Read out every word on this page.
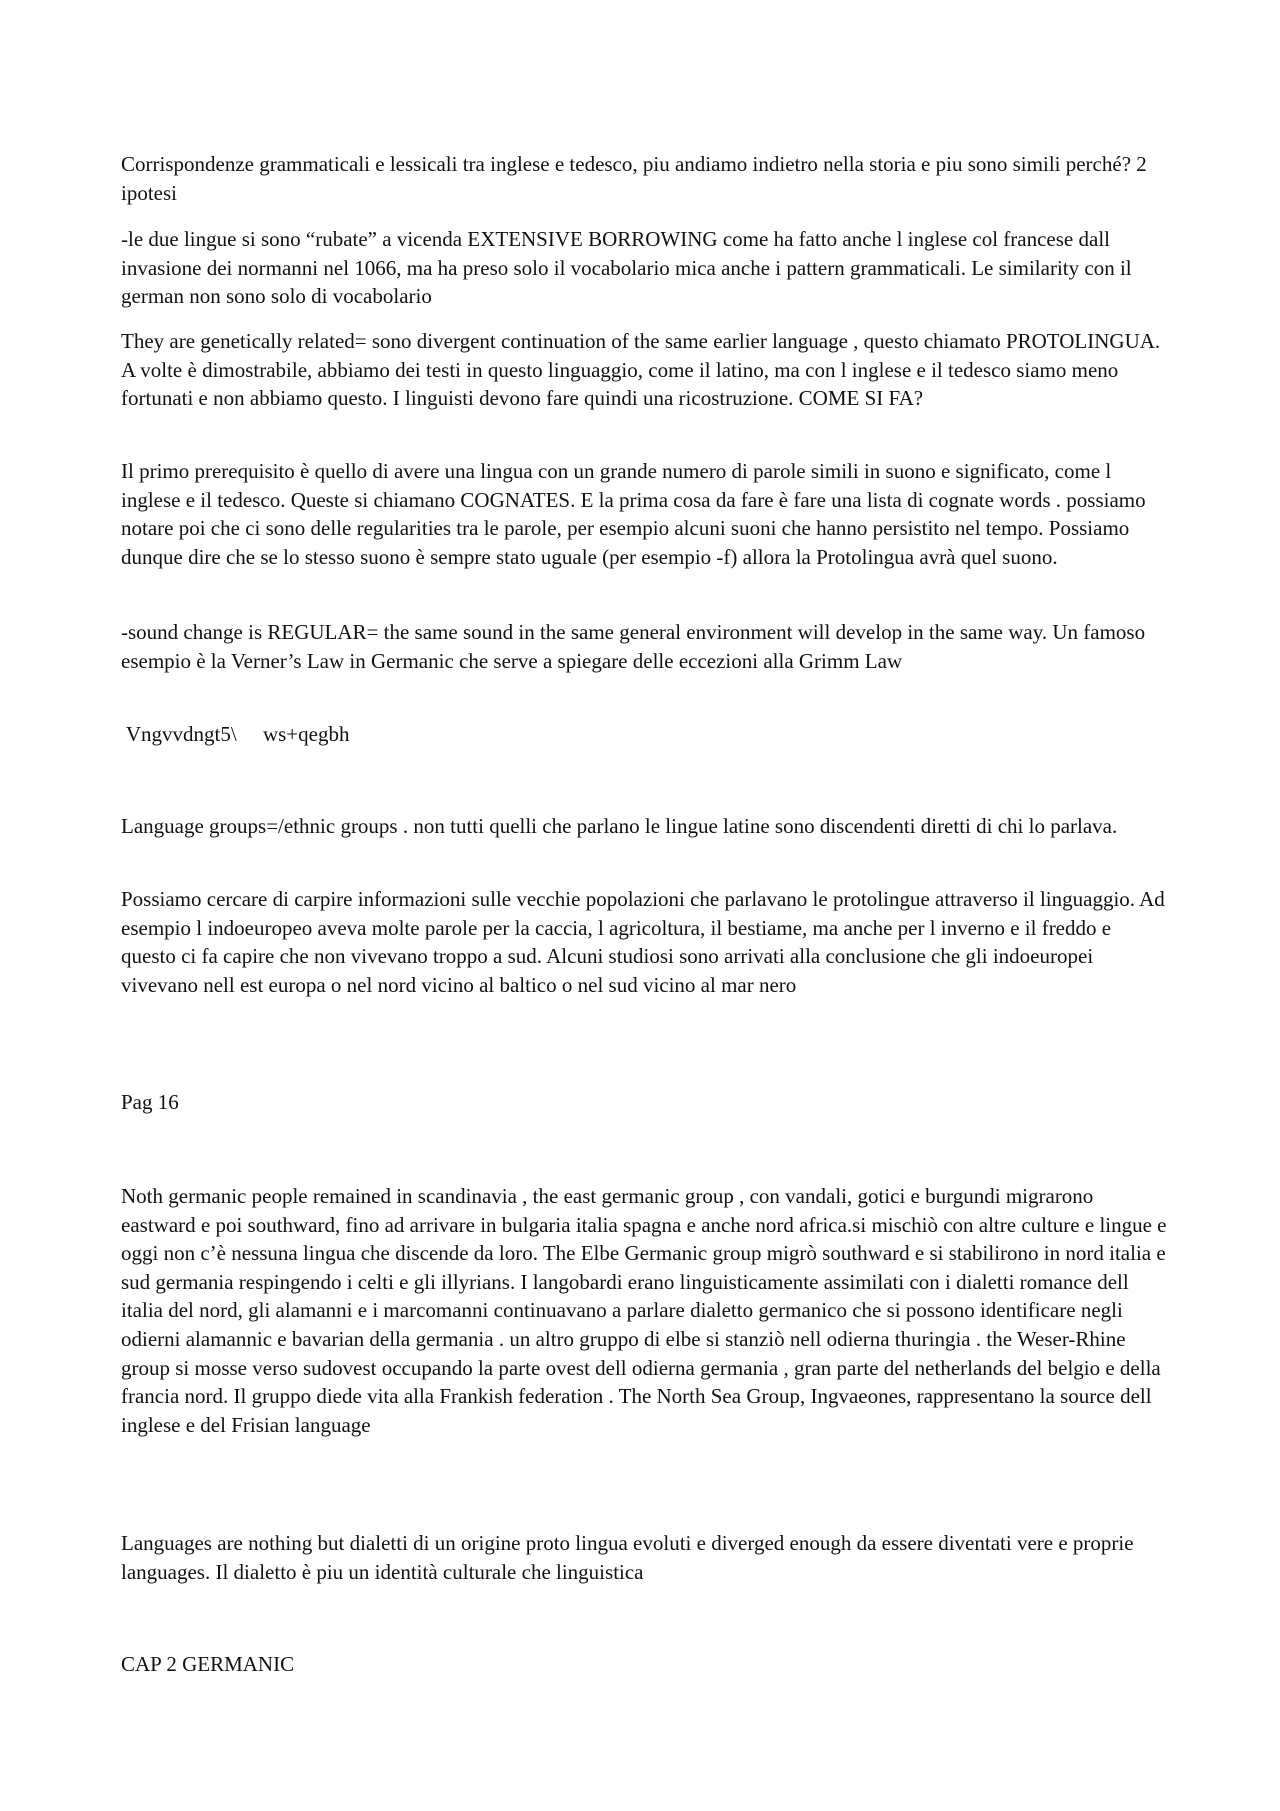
Corrispondenze grammaticali e lessicali tra inglese e tedesco, piu andiamo indietro nella storia e piu sono simili perché? 2 ipotesi

-le due lingue si sono “rubate” a vicenda EXTENSIVE BORROWING come ha fatto anche l inglese col francese dall invasione dei normanni nel 1066, ma ha preso solo il vocabolario mica anche i pattern grammaticali. Le similarity con il german non sono solo di vocabolario

They are genetically related= sono divergent continuation of the same earlier language , questo chiamato PROTOLINGUA. A volte è dimostrabile, abbiamo dei testi in questo linguaggio, come il latino, ma con l inglese e il tedesco siamo meno fortunati e non abbiamo questo. I linguisti devono fare quindi una ricostruzione. COME SI FA?

Il primo prerequisito è quello di avere una lingua con un grande numero di parole simili in suono e significato, come l inglese e il tedesco. Queste si chiamano COGNATES. E la prima cosa da fare è fare una lista di cognate words . possiamo notare poi che ci sono delle regularities tra le parole, per esempio alcuni suoni che hanno persistito nel tempo. Possiamo dunque dire che se lo stesso suono è sempre stato uguale (per esempio -f) allora la Protolingua avrà quel suono.

-sound change is REGULAR= the same sound in the same general environment will develop in the same way. Un famoso esempio è la Verner’s Law in Germanic che serve a spiegare delle eccezioni alla Grimm Law

Vngvvdngt5\     ws+qegbh

Language groups=/ethnic groups . non tutti quelli che parlano le lingue latine sono discendenti diretti di chi lo parlava.

Possiamo cercare di carpire informazioni sulle vecchie popolazioni che parlavano le protolingue attraverso il linguaggio. Ad esempio l indoeuropeo aveva molte parole per la caccia, l agricoltura, il bestiame, ma anche per l inverno e il freddo e questo ci fa capire che non vivevano troppo a sud. Alcuni studiosi sono arrivati alla conclusione che gli indoeuropei vivevano nell est europa o nel nord vicino al baltico o nel sud vicino al mar nero

Pag 16

Noth germanic people remained in scandinavia , the east germanic group , con vandali, gotici e burgundi migrarono eastward e poi southward, fino ad arrivare in bulgaria italia spagna e anche nord africa.si mischiò con altre culture e lingue e oggi non c’è nessuna lingua che discende da loro. The Elbe Germanic group migrò southward e si stabilirono in nord italia e sud germania respingendo i celti e gli illyrians. I langobardi erano linguisticamente assimilati con i dialetti romance dell italia del nord, gli alamanni e i marcomanni continuavano a parlare dialetto germanico che si possono identificare negli odierni alamannic e bavarian della germania . un altro gruppo di elbe si stanziò nell odierna thuringia . the Weser-Rhine group si mosse verso sudovest occupando la parte ovest dell odierna germania , gran parte del netherlands del belgio e della francia nord. Il gruppo diede vita alla Frankish federation . The North Sea Group, Ingvaeones, rappresentano la source dell inglese e del Frisian language

Languages are nothing but dialetti di un origine proto lingua evoluti e diverged enough da essere diventati vere e proprie languages. Il dialetto è piu un identità culturale che linguistica

CAP 2 GERMANIC
